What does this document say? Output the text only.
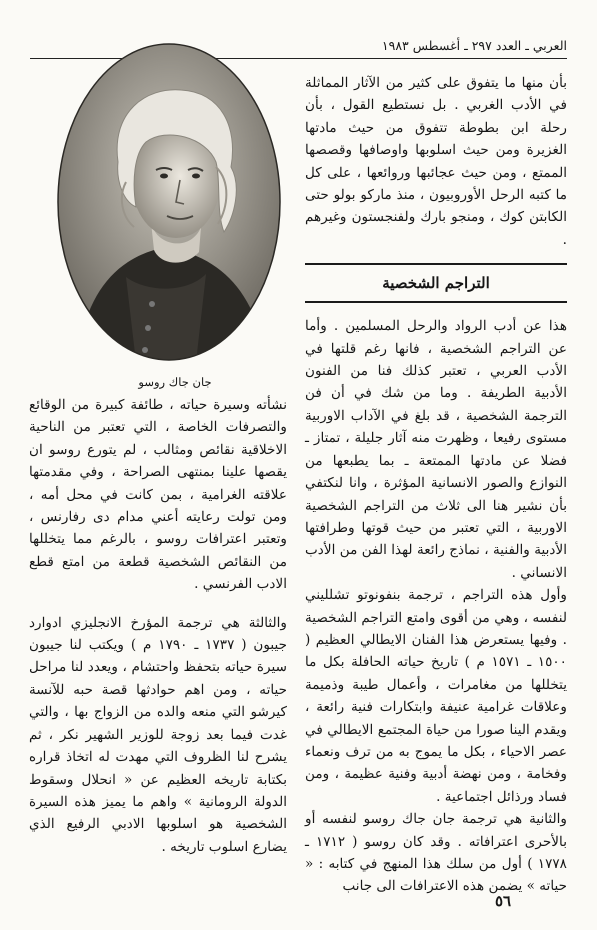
العربي ـ العدد ٢٩٧ ـ أغسطس ١٩٨٣
جان جاك روسو

بأن منها ما يتفوق على كثير من الآثار المماثلة في الأدب الغربي . بل نستطيع القول ، بأن رحلة ابن بطوطة تتفوق من حيث مادتها الغزيرة ومن حيث اسلوبها واوصافها وقصصها الممتع ، ومن حيث عجائبها وروائعها ، على كل ما كتبه الرحل الأوروبيون ، منذ ماركو بولو حتى الكابتن كوك ، ومنجو بارك ولفنجستون وغيرهم .

التراجم الشخصية

هذا عن أدب الرواد والرحل المسلمين . وأما عن التراجم الشخصية ، فانها رغم قلتها في الأدب العربي ، تعتبر كذلك فنا من الفنون الأدبية الطريفة . وما من شك في أن فن الترجمة الشخصية ، قد بلغ في الآداب الاوربية مستوى رفيعا ، وظهرت منه آثار جليلة ، تمتاز ـ فضلا عن مادتها الممتعة ـ بما يطبعها من النوازع والصور الانسانية المؤثرة ، وانا لنكتفي بأن نشير هنا الى ثلاث من التراجم الشخصية الاوربية ، التي تعتبر من حيث قوتها وطرافتها الأدبية والفنية ، نماذج رائعة لهذا الفن من الأدب الانساني .

وأول هذه التراجم ، ترجمة بنفونوتو تشلليني لنفسه ، وهي من أقوى وامتع التراجم الشخصية . وفيها يستعرض هذا الفنان الايطالي العظيم ( ١٥٠٠ ـ ١٥٧١ م ) تاريخ حياته الحافلة بكل ما يتخللها من مغامرات ، وأعمال طيبة وذميمة وعلاقات غرامية عنيفة وابتكارات فنية رائعة ، ويقدم الينا صورا من حياة المجتمع الايطالي في عصر الاحياء ، بكل ما يموج به من ترف ونعماء وفخامة ، ومن نهضة أدبية وفنية عظيمة ، ومن فساد ورذائل اجتماعية .

والثانية هي ترجمة جان جاك روسو لنفسه أو بالأحرى اعترافاته . وقد كان روسو ( ١٧١٢ ـ ١٧٧٨ ) أول من سلك هذا المنهج في كتابه : « حياته » يضمن هذه الاعترافات الى جانب

نشأته وسيرة حياته ، طائفة كبيرة من الوقائع والتصرفات الخاصة ، التي تعتبر من الناحية الاخلاقية نقائص ومثالب ، لم يتورع روسو ان يقصها علينا بمنتهى الصراحة ، وفي مقدمتها علاقته الغرامية ، بمن كانت في محل أمه ، ومن تولت رعايته أعني مدام دى رفارنس ، وتعتبر اعترافات روسو ، بالرغم مما يتخللها من النقائص الشخصية قطعة من امتع قطع الادب الفرنسي .

والثالثة هي ترجمة المؤرخ الانجليزي ادوارد جيبون ( ١٧٣٧ ـ ١٧٩٠ م ) ويكتب لنا جيبون سيرة حياته بتحفظ واحتشام ، ويعدد لنا مراحل حياته ، ومن اهم حوادثها قصة حبه للآنسة كيرشو التي منعه والده من الزواج بها ، والتي غدت فيما بعد زوجة للوزير الشهير نكر ، ثم يشرح لنا الظروف التي مهدت له اتخاذ قراره بكتابة تاريخه العظيم عن « انحلال وسقوط الدولة الرومانية » واهم ما يميز هذه السيرة الشخصية هو اسلوبها الادبي الرفيع الذي يضارع اسلوب تاريخه .

٥٦
